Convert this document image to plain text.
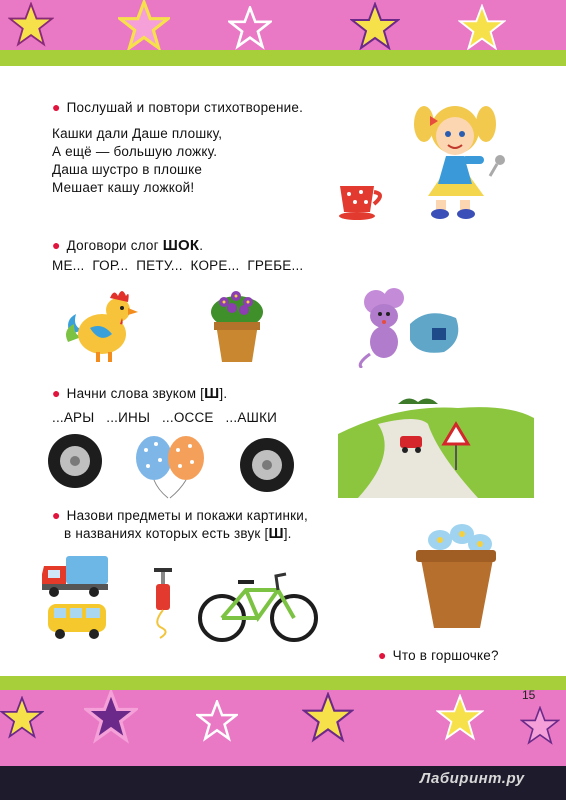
● Послушай и повтори стихотворение.
Кашки дали Даше плошку,
А ещё — большую ложку.
Даша шустро в плошке
Мешает кашу ложкой!
● Договори слог ШОК.
МЕ...  ГОР...  ПЕТУ...  КОРЕ...  ГРЕБЕ...
● Начни слова звуком [Ш].
...АРЫ   ...ИНЫ   ...ОССЕ   ...АШКИ
● Назови предметы и покажи картинки,
в названиях которых есть звук [Ш].
● Что в горшочке?
15
Лабиринт.ру
